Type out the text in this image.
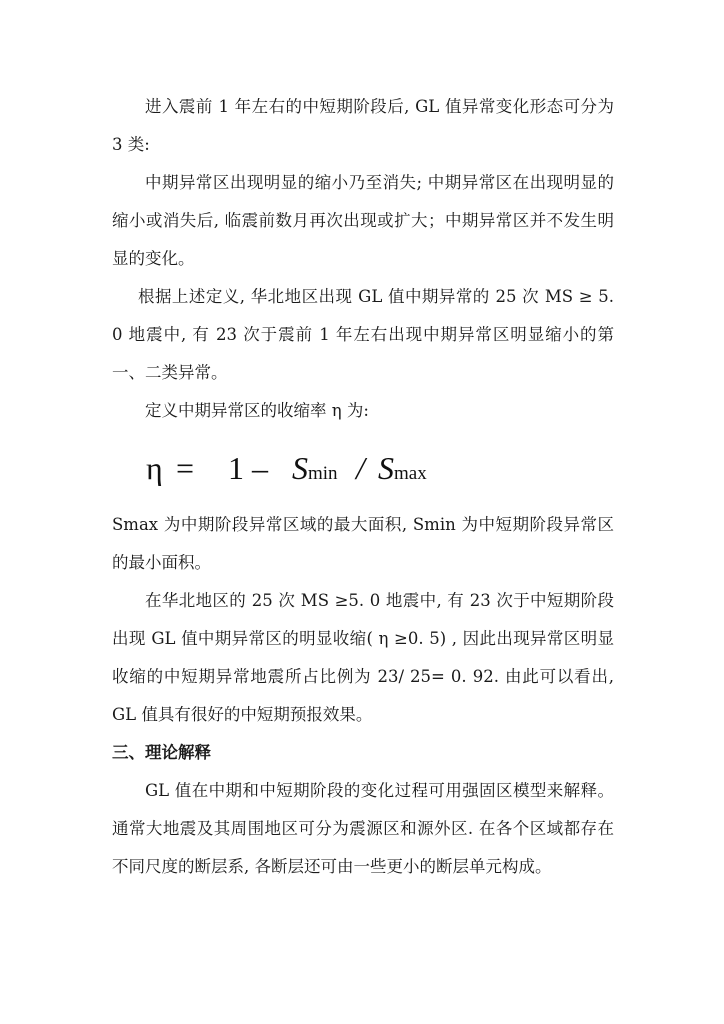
进入震前 1 年左右的中短期阶段后, GL 值异常变化形态可分为 3 类:

中期异常区出现明显的缩小乃至消失; 中期异常区在出现明显的缩小或消失后, 临震前数月再次出现或扩大；中期异常区并不发生明显的变化。

根据上述定义, 华北地区出现 GL 值中期异常的 25 次 MS ≥ 5. 0 地震中, 有 23 次于震前 1 年左右出现中期异常区明显缩小的第一、二类异常。

定义中期异常区的收缩率 η 为:

η = 1 – Smin / Smax

Smax 为中期阶段异常区域的最大面积, Smin 为中短期阶段异常区的最小面积。

在华北地区的 25 次 MS ≥5. 0 地震中, 有 23 次于中短期阶段出现 GL 值中期异常区的明显收缩( η ≥0. 5) , 因此出现异常区明显收缩的中短期异常地震所占比例为 23/ 25= 0. 92. 由此可以看出, GL 值具有很好的中短期预报效果。

三、理论解释

GL 值在中期和中短期阶段的变化过程可用强固区模型来解释。通常大地震及其周围地区可分为震源区和源外区. 在各个区域都存在不同尺度的断层系, 各断层还可由一些更小的断层单元构成。
